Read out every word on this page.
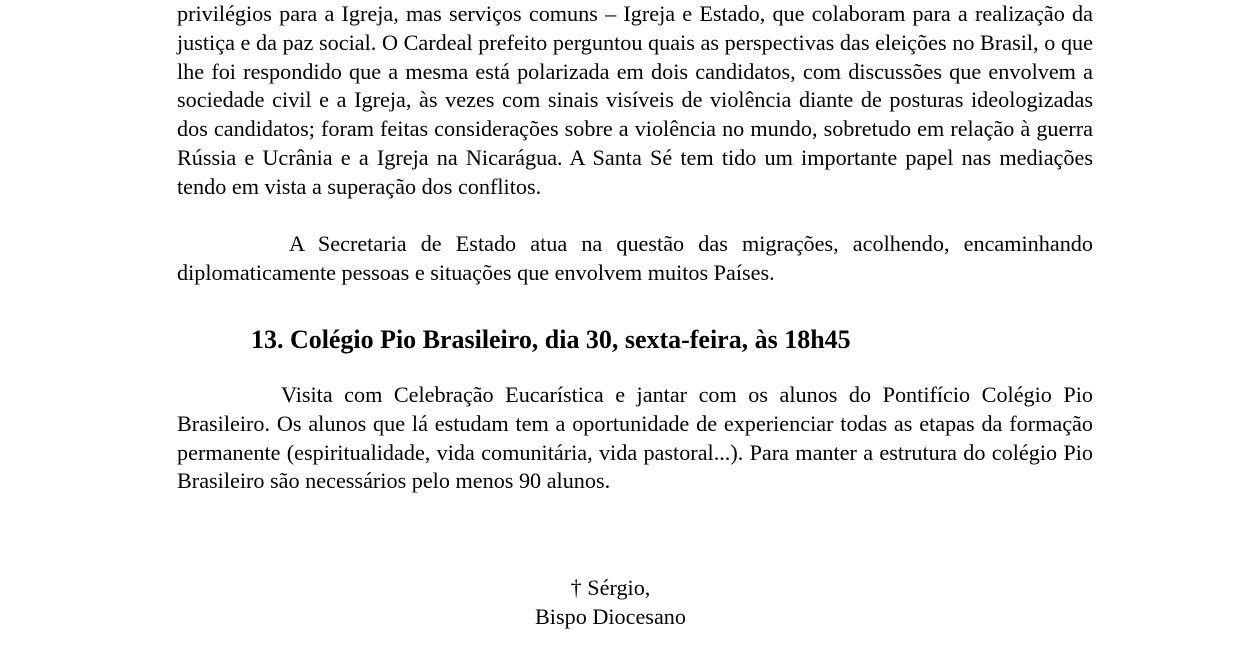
privilégios para a Igreja, mas serviços comuns – Igreja e Estado, que colaboram para a realização da justiça e da paz social. O Cardeal prefeito perguntou quais as perspectivas das eleições no Brasil, o que lhe foi respondido que a mesma está polarizada em dois candidatos, com discussões que envolvem a sociedade civil e a Igreja, às vezes com sinais visíveis de violência diante de posturas ideologizadas dos candidatos; foram feitas considerações sobre a violência no mundo, sobretudo em relação à guerra Rússia e Ucrânia e a Igreja na Nicarágua. A Santa Sé tem tido um importante papel nas mediações tendo em vista a superação dos conflitos.

A Secretaria de Estado atua na questão das migrações, acolhendo, encaminhando diplomaticamente pessoas e situações que envolvem muitos Países.

13. Colégio Pio Brasileiro, dia 30, sexta-feira, às 18h45

Visita com Celebração Eucarística e jantar com os alunos do Pontifício Colégio Pio Brasileiro. Os alunos que lá estudam tem a oportunidade de experienciar todas as etapas da formação permanente (espiritualidade, vida comunitária, vida pastoral...). Para manter a estrutura do colégio Pio Brasileiro são necessários pelo menos 90 alunos.

† Sérgio,
Bispo Diocesano
